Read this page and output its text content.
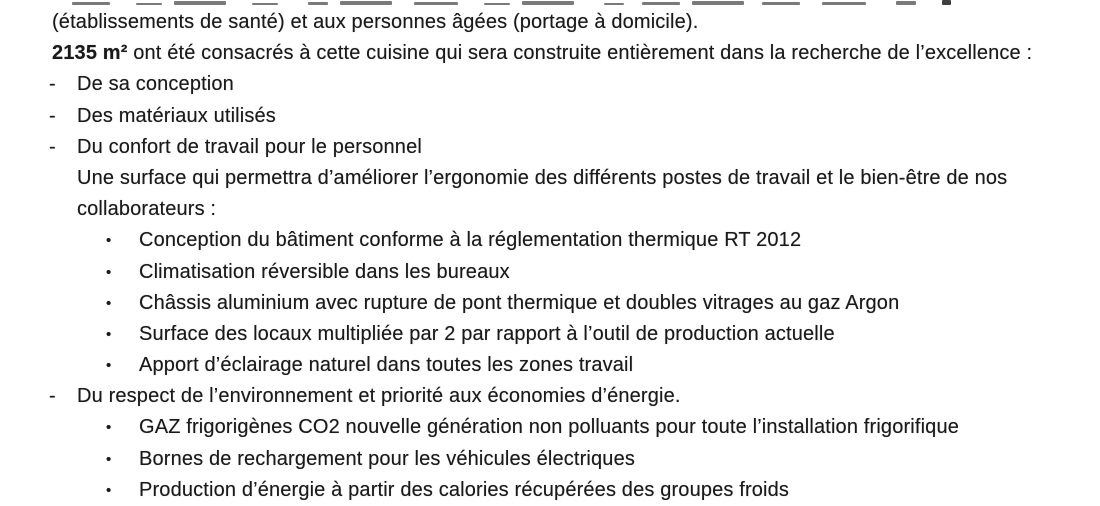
(établissements de santé) et aux personnes âgées (portage à domicile).
2135 m² ont été consacrés à cette cuisine qui sera construite entièrement dans la recherche de l’excellence :
- De sa conception
- Des matériaux utilisés
- Du confort de travail pour le personnel
Une surface qui permettra d’améliorer l’ergonomie des différents postes de travail et le bien-être de nos
collaborateurs :
• Conception du bâtiment conforme à la réglementation thermique RT 2012
• Climatisation réversible dans les bureaux
• Châssis aluminium avec rupture de pont thermique et doubles vitrages au gaz Argon
• Surface des locaux multipliée par 2 par rapport à l’outil de production actuelle
• Apport d’éclairage naturel dans toutes les zones travail
- Du respect de l’environnement et priorité aux économies d’énergie.
• GAZ frigorigènes CO2 nouvelle génération non polluants pour toute l’installation frigorifique
• Bornes de rechargement pour les véhicules électriques
• Production d’énergie à partir des calories récupérées des groupes froids
